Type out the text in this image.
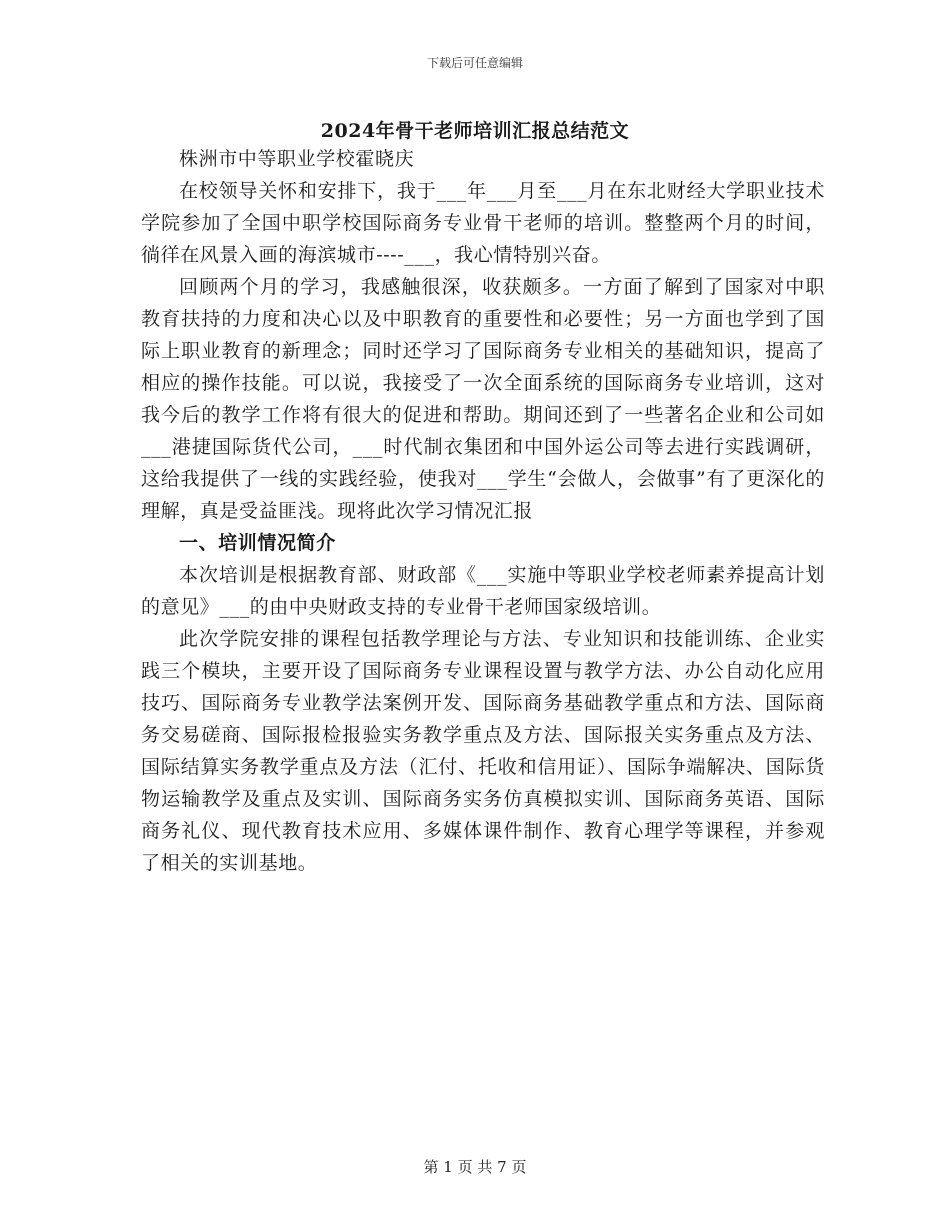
下载后可任意编辑
2024年骨干老师培训汇报总结范文

株洲市中等职业学校霍晓庆

在校领导关怀和安排下，我于___年___月至___月在东北财经大学职业技术学院参加了全国中职学校国际商务专业骨干老师的培训。整整两个月的时间，徜徉在风景入画的海滨城市----___，我心情特别兴奋。

回顾两个月的学习，我感触很深，收获颇多。一方面了解到了国家对中职教育扶持的力度和决心以及中职教育的重要性和必要性；另一方面也学到了国际上职业教育的新理念；同时还学习了国际商务专业相关的基础知识，提高了相应的操作技能。可以说，我接受了一次全面系统的国际商务专业培训，这对我今后的教学工作将有很大的促进和帮助。期间还到了一些著名企业和公司如___港捷国际货代公司，___时代制衣集团和中国外运公司等去进行实践调研，这给我提供了一线的实践经验，使我对___学生“会做人，会做事”有了更深化的理解，真是受益匪浅。现将此次学习情况汇报

一、培训情况简介

本次培训是根据教育部、财政部《___实施中等职业学校老师素养提高计划的意见》___的由中央财政支持的专业骨干老师国家级培训。

此次学院安排的课程包括教学理论与方法、专业知识和技能训练、企业实践三个模块，主要开设了国际商务专业课程设置与教学方法、办公自动化应用技巧、国际商务专业教学法案例开发、国际商务基础教学重点和方法、国际商务交易磋商、国际报检报验实务教学重点及方法、国际报关实务重点及方法、国际结算实务教学重点及方法（汇付、托收和信用证）、国际争端解决、国际货物运输教学及重点及实训、国际商务实务仿真模拟实训、国际商务英语、国际商务礼仪、现代教育技术应用、多媒体课件制作、教育心理学等课程，并参观了相关的实训基地。

第 1 页 共 7 页
